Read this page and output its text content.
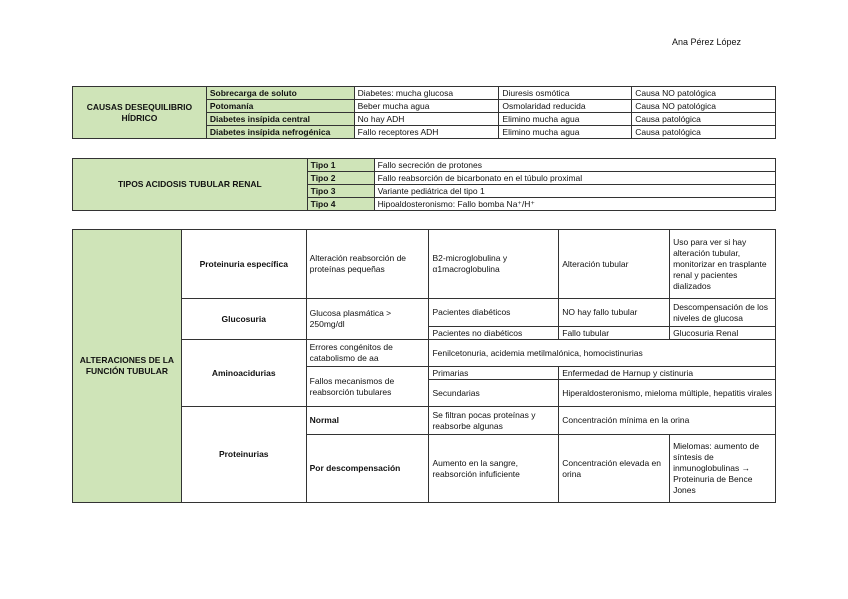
Ana Pérez López
CAUSAS DESEQUILIBRIO HÍDRICO	Sobrecarga de soluto	Diabetes: mucha glucosa	Diuresis osmótica	Causa NO patológica
	Potomanía	Beber mucha agua	Osmolaridad reducida	Causa NO patológica
	Diabetes insípida central	No hay ADH	Elimino mucha agua	Causa patológica
	Diabetes insípida nefrogénica	Fallo receptores ADH	Elimino mucha agua	Causa patológica
TIPOS ACIDOSIS TUBULAR RENAL	Tipo 1	Fallo secreción de protones
	Tipo 2	Fallo reabsorción de bicarbonato en el túbulo proximal
	Tipo 3	Variante pediátrica del tipo 1
	Tipo 4	Hipoaldosteronismo: Fallo bomba Na⁺/H⁺
ALTERACIONES DE LA FUNCIÓN TUBULAR	Proteinuria específica	Alteración reabsorción de proteínas pequeñas	B2-microglobulina y α1macroglobulina	Alteración tubular	Uso para ver si hay alteración tubular, monitorizar en trasplante renal y pacientes dializados
	Glucosuria	Glucosa plasmática > 250mg/dl	Pacientes diabéticos	NO hay fallo tubular	Descompensación de los niveles de glucosa
			Pacientes no diabéticos	Fallo tubular	Glucosuria Renal
	Aminoacidurias	Errores congénitos de catabolismo de aa	Fenilcetonuria, acidemia metilmalónica, homocistinurias		
		Fallos mecanismos de reabsorción tubulares	Primarias	Enfermedad de Harnup y cistinuria	
			Secundarias	Hiperaldosteronismo, mieloma múltiple, hepatitis virales	
	Proteinurias	Normal	Se filtran pocas proteínas y reabsorbe algunas	Concentración mínima en la orina	
		Por descompensación	Aumento en la sangre, reabsorción infuficiente	Concentración elevada en orina	Mielomas: aumento de síntesis de inmunoglobulinas → Proteinuria de Bence Jones
